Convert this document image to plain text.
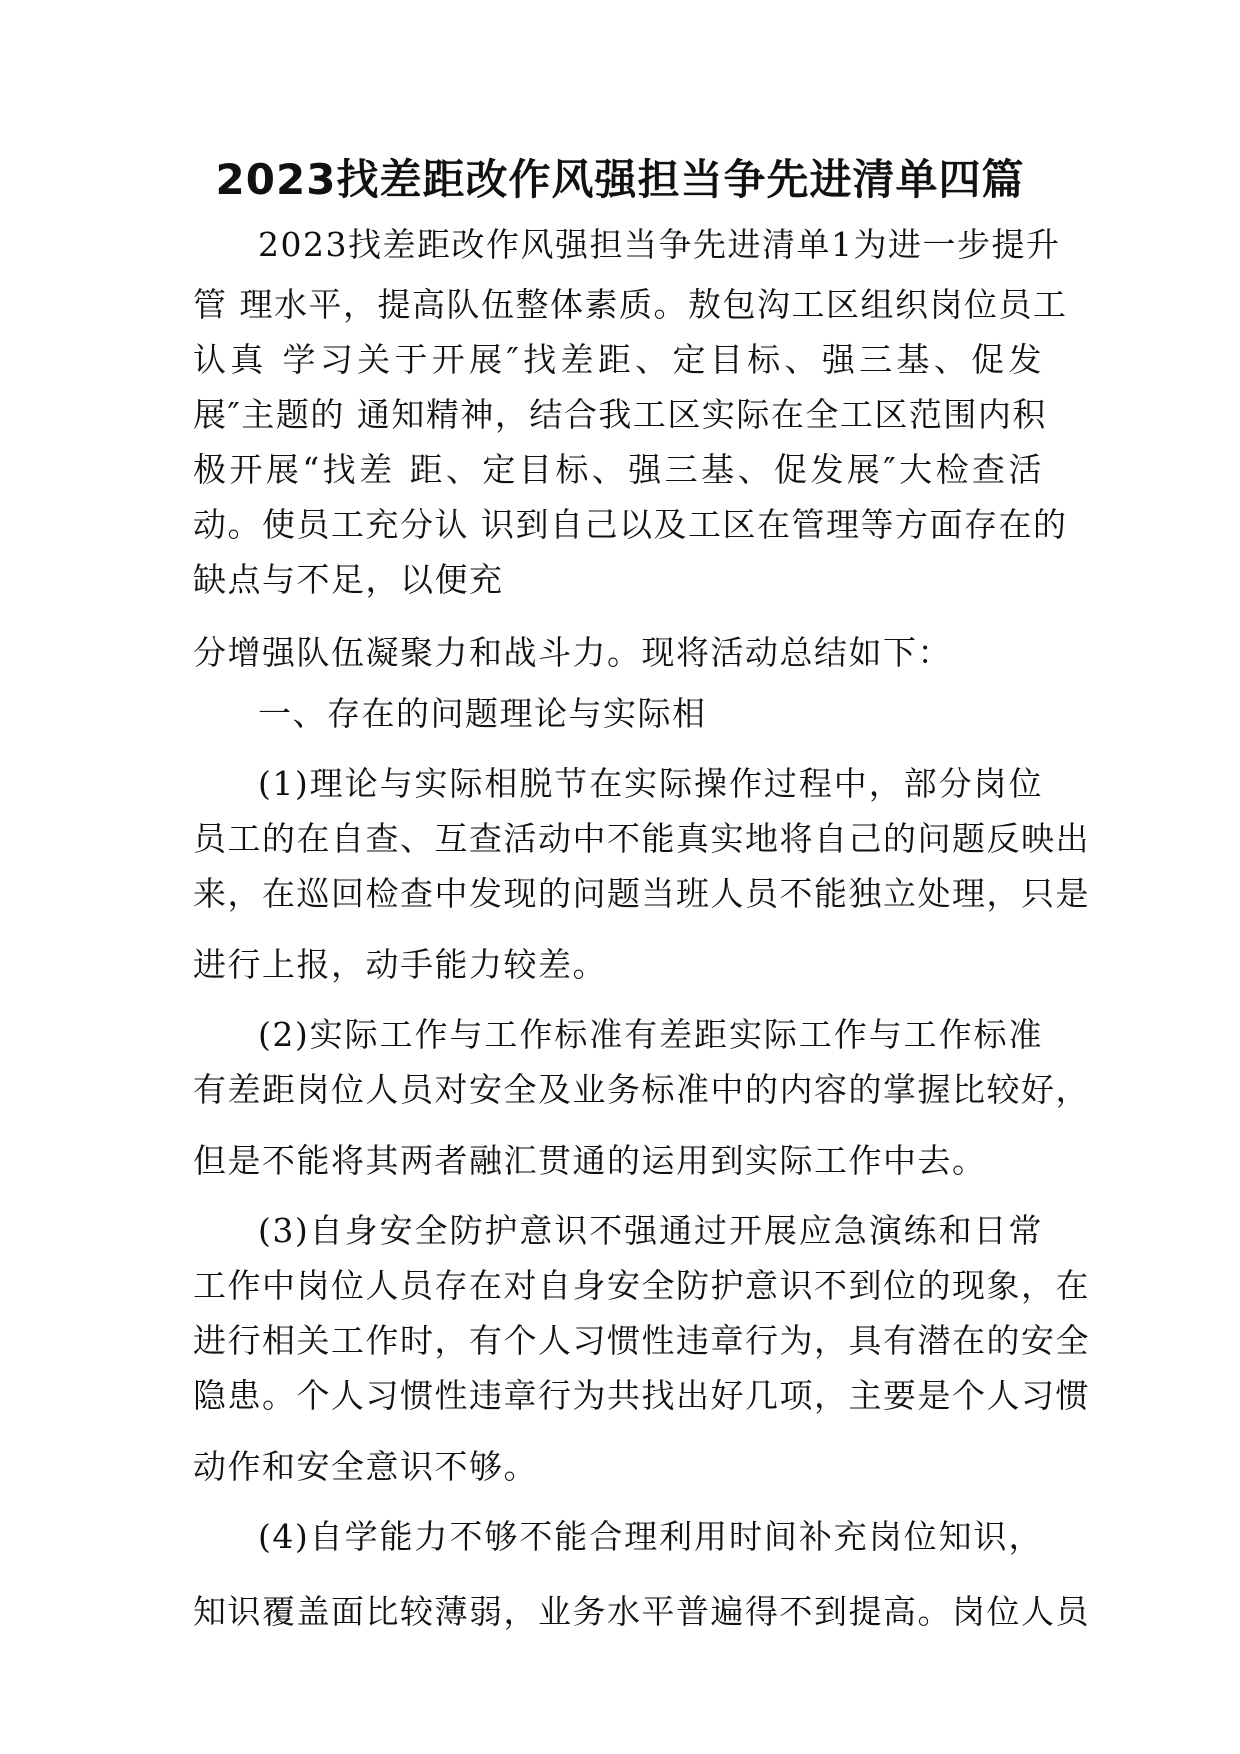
2023找差距改作风强担当争先进清单四篇
2023找差距改作风强担当争先进清单1为进一步提升
管 理水平，提高队伍整体素质。敖包沟工区组织岗位员工
认真 学习关于开展″找差距、定目标、强三基、促发
展″主题的 通知精神，结合我工区实际在全工区范围内积
极开展“找差 距、定目标、强三基、促发展″大检查活
动。使员工充分认 识到自己以及工区在管理等方面存在的
缺点与不足，以便充
分增强队伍凝聚力和战斗力。现将活动总结如下：
一、存在的问题理论与实际相
(1)理论与实际相脱节在实际操作过程中，部分岗位
员工的在自查、互查活动中不能真实地将自己的问题反映出
来，在巡回检查中发现的问题当班人员不能独立处理，只是
进行上报，动手能力较差。
(2)实际工作与工作标准有差距实际工作与工作标准
有差距岗位人员对安全及业务标准中的内容的掌握比较好，
但是不能将其两者融汇贯通的运用到实际工作中去。
(3)自身安全防护意识不强通过开展应急演练和日常
工作中岗位人员存在对自身安全防护意识不到位的现象，在
进行相关工作时，有个人习惯性违章行为，具有潜在的安全
隐患。个人习惯性违章行为共找出好几项，主要是个人习惯
动作和安全意识不够。
(4)自学能力不够不能合理利用时间补充岗位知识，
知识覆盖面比较薄弱，业务水平普遍得不到提高。岗位人员
